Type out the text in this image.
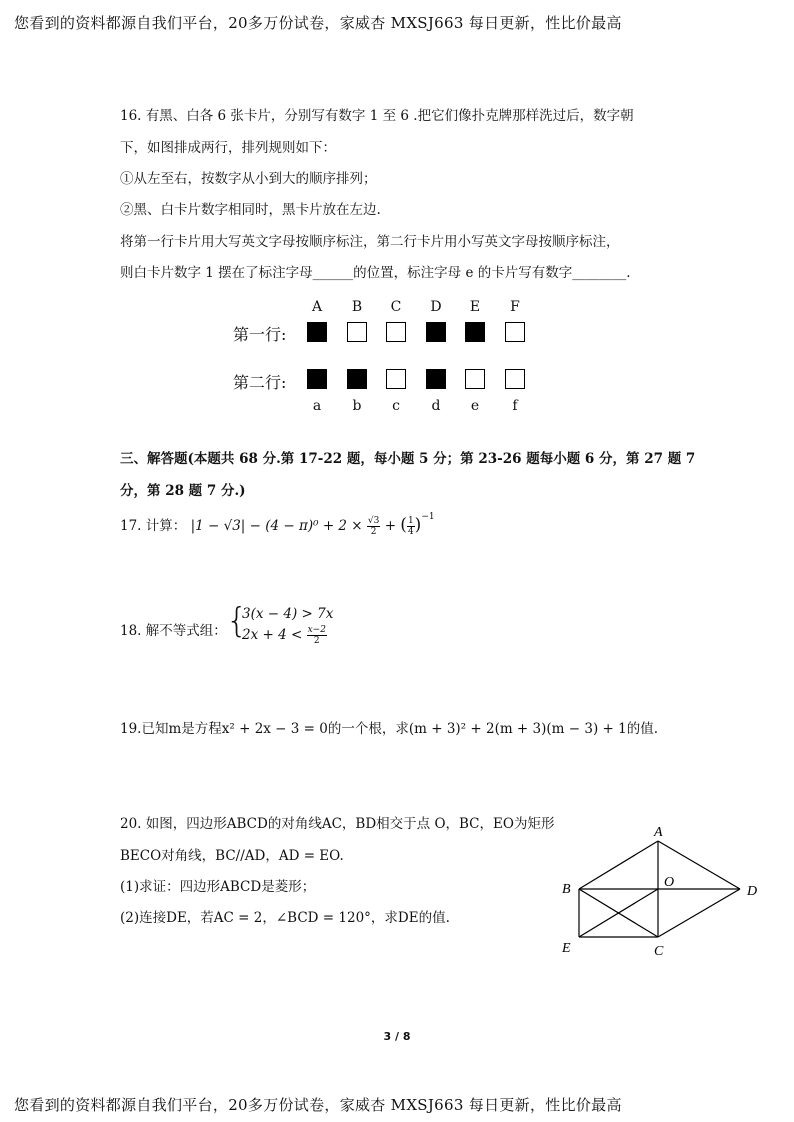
您看到的资料都源自我们平台，20多万份试卷，家威杏 MXSJ663 每日更新，性比价最高
16. 有黑、白各 6 张卡片，分别写有数字 1 至 6 .把它们像扑克牌那样洗过后，数字朝
下，如图排成两行，排列规则如下：
①从左至右，按数字从小到大的顺序排列；
②黑、白卡片数字相同时，黑卡片放在左边.
将第一行卡片用大写英文字母按顺序标注，第二行卡片用小写英文字母按顺序标注，
则白卡片数字 1 摆在了标注字母______的位置，标注字母 e 的卡片写有数字________.
第一行:
第二行:
A	B	C	D	E	F
a	b	c	d	e	f
三、解答题(本题共 68 分.第 17-22 题，每小题 5 分；第 23-26 题每小题 6 分，第 27 题 7
分，第 28 题 7 分.)
17. 计算： $|1 - √3| - (4 - \pi)^0 + 2 \times \frac{√3}{2}$ + ( $\frac{1}{4} )^{-1}$
18. 解不等式组： {
3(x − 4) > 7x
$2x + 4 < \frac{x-2}{2}$
19.已知m是方程x² + 2x − 3 = 0的一个根，求(m + 3)² + 2(m + 3)(m − 3) + 1的值.
20. 如图，四边形ABCD的对角线AC，BD相交于点 O，BC，EO为矩形
BECO对角线，BC//AD，AD = EO.
(1)求证：四边形ABCD是菱形；
(2)连接DE，若AC = 2，∠BCD = 120°，求DE的值.
A
B
C
D
E
O
3 / 8
您看到的资料都源自我们平台，20多万份试卷，家威杏 MXSJ663 每日更新，性比价最高
